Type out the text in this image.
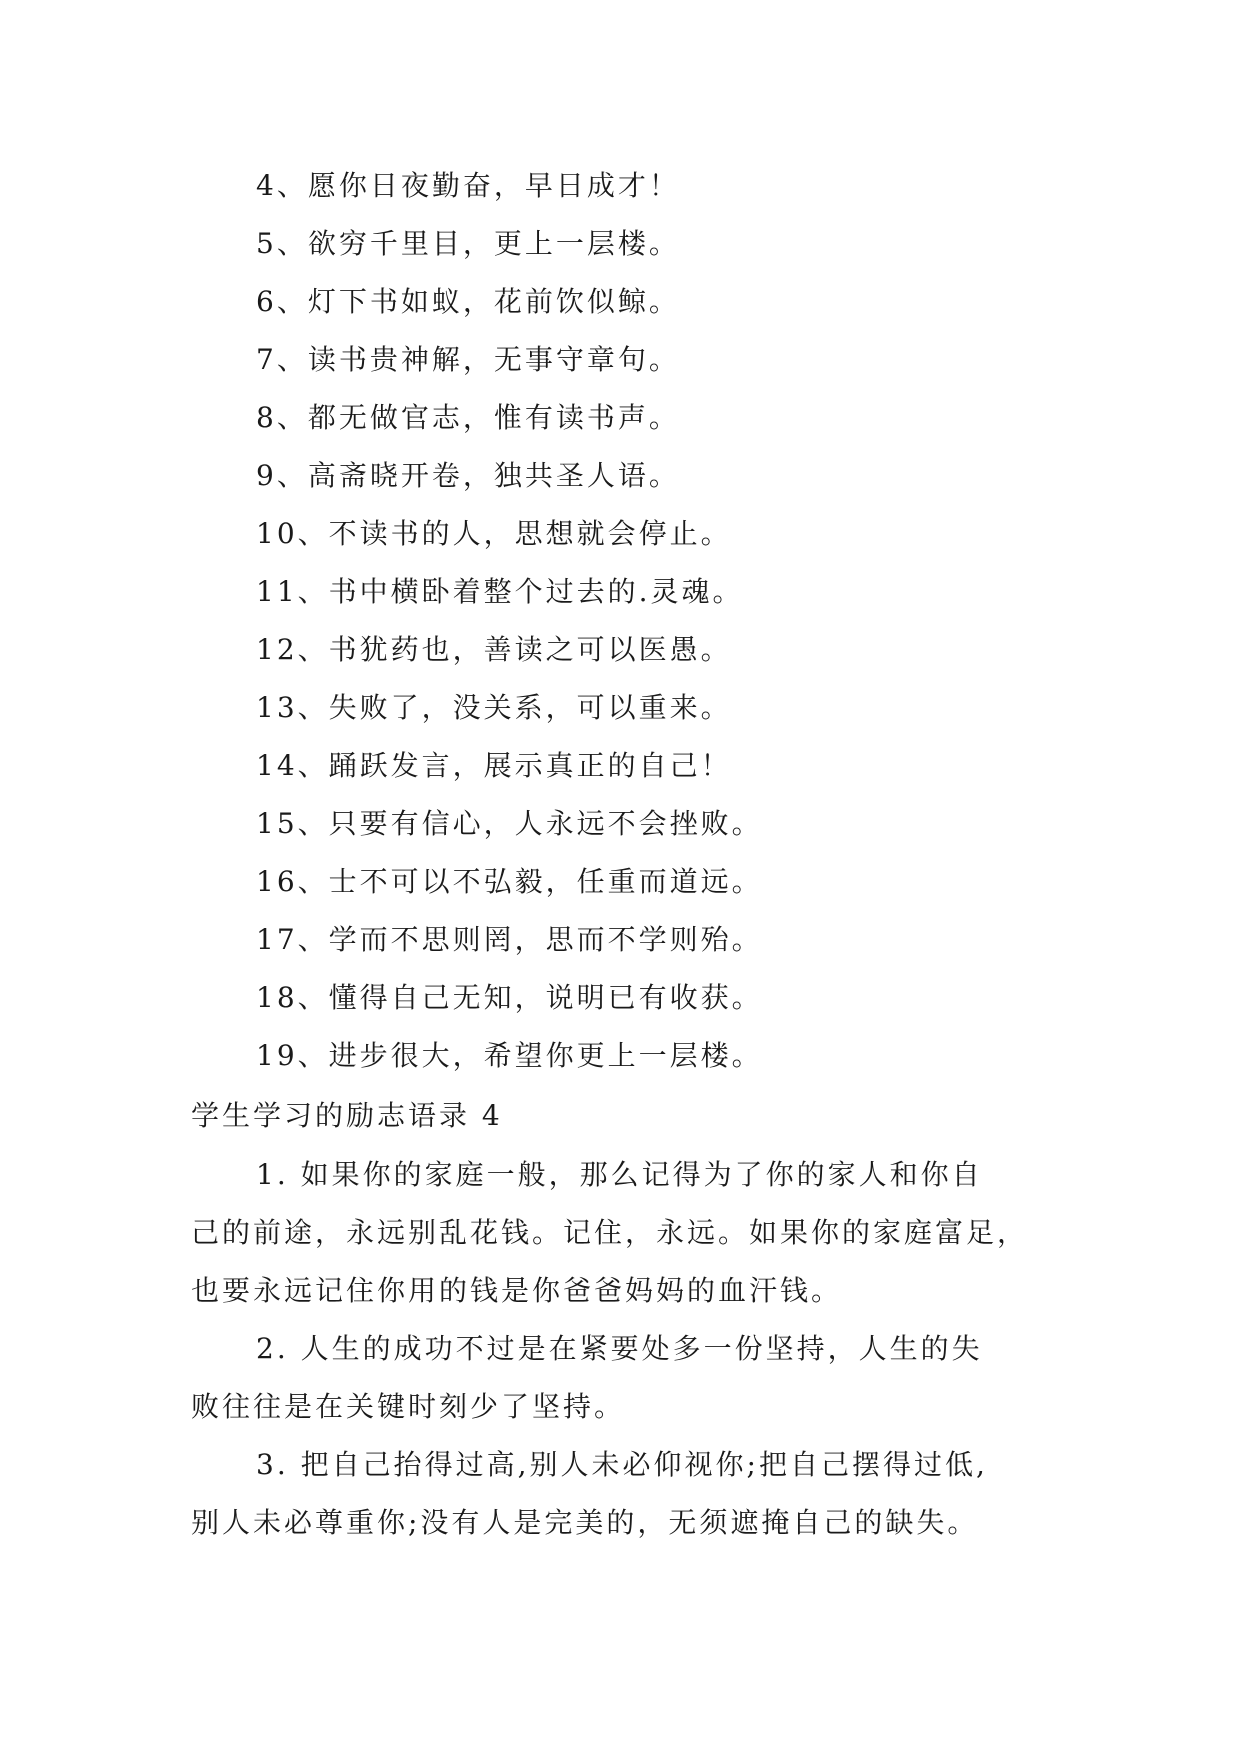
4、愿你日夜勤奋，早日成才！
5、欲穷千里目，更上一层楼。
6、灯下书如蚁，花前饮似鲸。
7、读书贵神解，无事守章句。
8、都无做官志，惟有读书声。
9、高斋晓开卷，独共圣人语。
10、不读书的人，思想就会停止。
11、书中横卧着整个过去的.灵魂。
12、书犹药也，善读之可以医愚。
13、失败了，没关系，可以重来。
14、踊跃发言，展示真正的自己！
15、只要有信心，人永远不会挫败。
16、士不可以不弘毅，任重而道远。
17、学而不思则罔，思而不学则殆。
18、懂得自己无知，说明已有收获。
19、进步很大，希望你更上一层楼。
学生学习的励志语录 4
1. 如果你的家庭一般，那么记得为了你的家人和你自
己的前途，永远别乱花钱。记住，永远。如果你的家庭富足，
也要永远记住你用的钱是你爸爸妈妈的血汗钱。
2. 人生的成功不过是在紧要处多一份坚持，人生的失
败往往是在关键时刻少了坚持。
3. 把自己抬得过高,别人未必仰视你;把自己摆得过低,
别人未必尊重你;没有人是完美的，无须遮掩自己的缺失。
